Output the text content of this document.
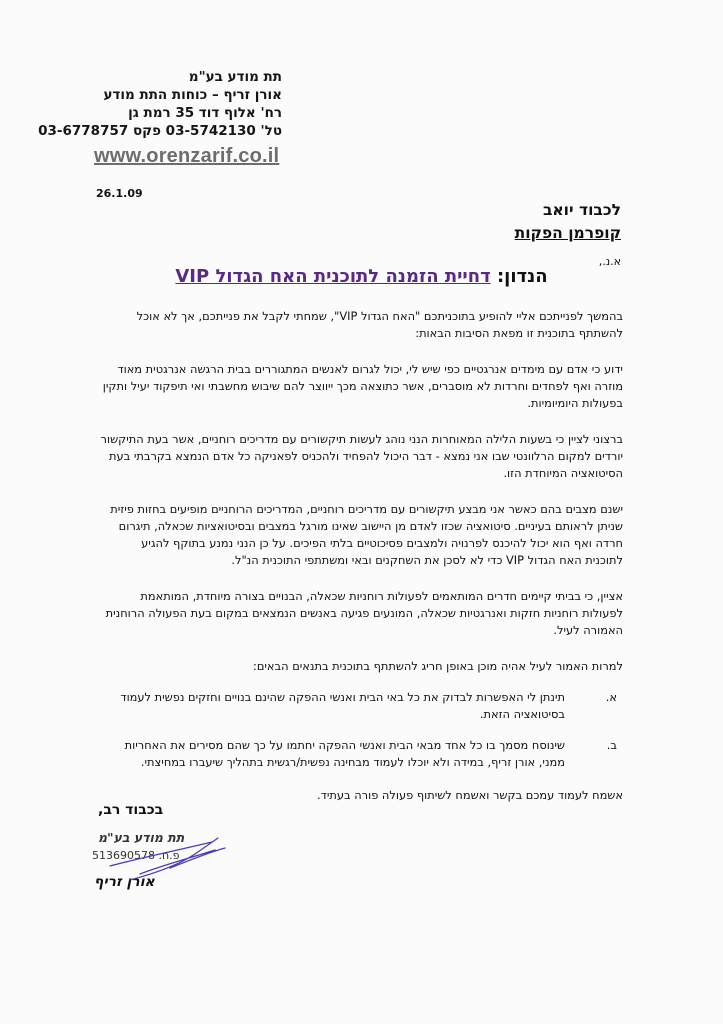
תת מודע בע"מ
אורן זריף – כוחות התת מודע
רח' אלוף דוד 35 רמת גן
טל' 03-5742130 פקס 03-6778757
www.orenzarif.co.il
26.1.09
לכבוד יואב
קופרמן הפקות
א.נ.,
הנדון: דחיית הזמנה לתוכנית האח הגדול VIP

בהמשך לפנייתכם אליי להופיע בתוכניתכם "האח הגדול VIP", שמחתי לקבל את פנייתכם, אך לא אוכל להשתתף בתוכנית זו מפאת הסיבות הבאות:

ידוע כי אדם עם מימדים אנרגטיים כפי שיש לי, יכול לגרום לאנשים המתגוררים בבית הרגשה אנרגטית מאוד מוזרה ואף לפחדים וחרדות לא מוסברים, אשר כתוצאה מכך ייווצר להם שיבוש מחשבתי ואי תיפקוד יעיל ותקין בפעולות היומיומיות.

ברצוני לציין כי בשעות הלילה המאוחרות הנני נוהג לעשות תיקשורים עם מדריכים רוחניים, אשר בעת התיקשור יורדים למקום הרלוונטי שבו אני נמצא - דבר היכול להפחיד ולהכניס לפאניקה כל אדם הנמצא בקרבתי בעת הסיטואציה המיוחדת הזו.

ישנם מצבים בהם כאשר אני מבצע תיקשורים עם מדריכים רוחניים, המדריכים הרוחניים מופיעים בחזות פיזית שניתן לראותם בעיניים. סיטואציה שכזו לאדם מן היישוב שאינו מורגל במצבים ובסיטואציות שכאלה, תיגרום חרדה ואף הוא יכול להיכנס לפרנויה ולמצבים פסיכוטיים בלתי הפיכים. על כן הנני נמנע בתוקף להגיע לתוכנית האח הגדול VIP כדי לא לסכן את השחקנים ובאי ומשתתפי התוכנית הנ"ל.

אציין, כי בביתי קיימים חדרים המותאמים לפעולות רוחניות שכאלה, הבנויים בצורה מיוחדת, המותאמת לפעולות רוחניות חזקות ואנרגטיות שכאלה, המונעים פגיעה באנשים הנמצאים במקום בעת הפעולה הרוחנית האמורה לעיל.

למרות האמור לעיל אהיה מוכן באופן חריג להשתתף בתוכנית בתנאים הבאים:

א.
תינתן לי האפשרות לבדוק את כל באי הבית ואנשי ההפקה שהינם בנויים וחזקים נפשית לעמוד בסיטואציה הזאת.
ב.
שינוסח מסמך בו כל אחד מבאי הבית ואנשי ההפקה יחתמו על כך שהם מסירים את האחריות ממני, אורן זריף, במידה ולא יוכלו לעמוד מבחינה נפשית/רגשית בתהליך שיעברו במחיצתי.

אשמח לעמוד עמכם בקשר ואשמח לשיתוף פעולה פורה בעתיד.

בכבוד רב,
תת מודע בע"מ
513690578 .פ.ח
אורן זריף
